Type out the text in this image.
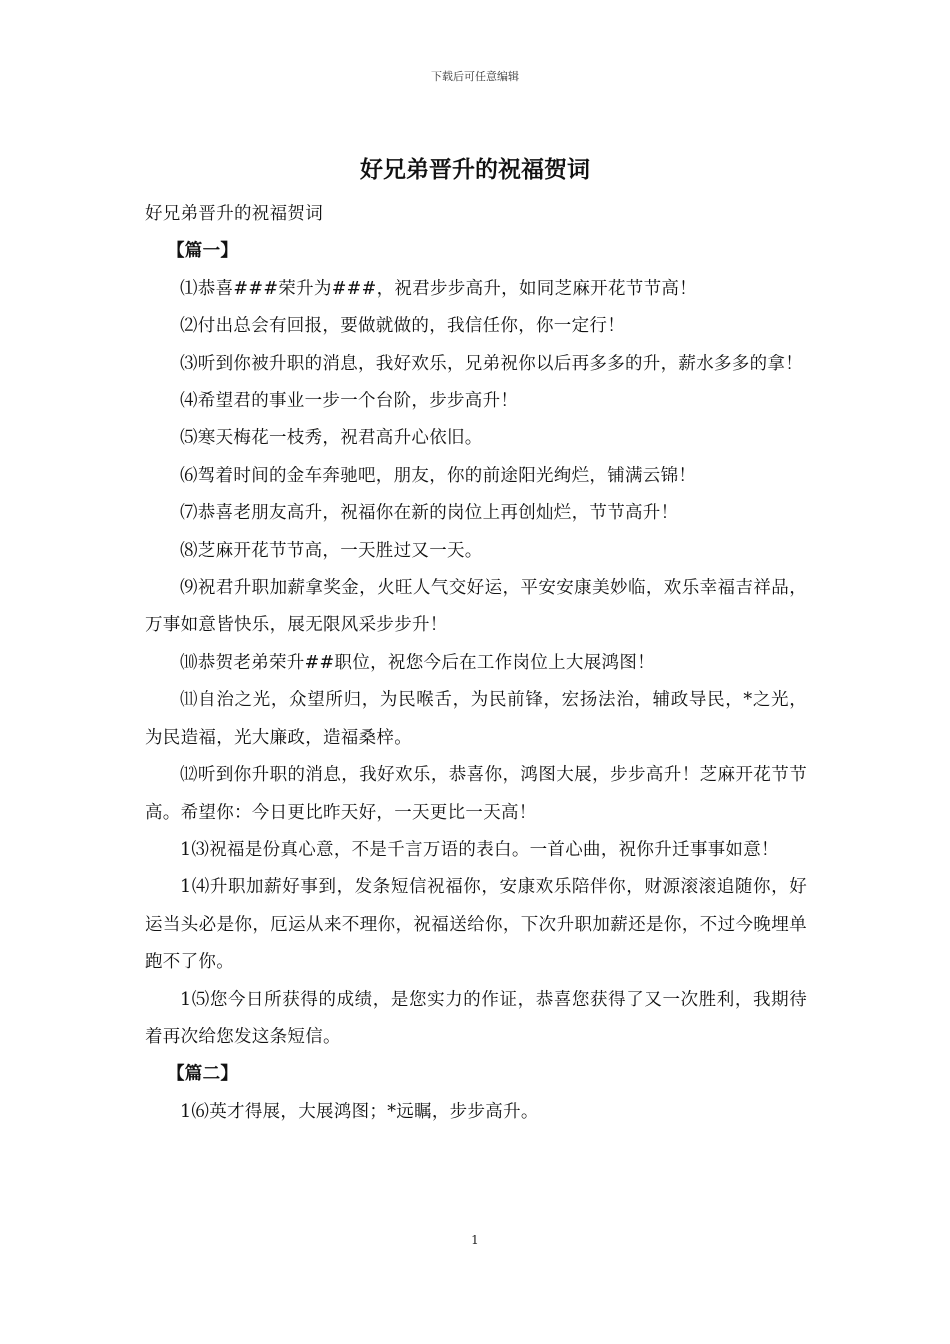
下载后可任意编辑
好兄弟晋升的祝福贺词

好兄弟晋升的祝福贺词

【篇一】

⑴恭喜###荣升为###，祝君步步高升，如同芝麻开花节节高！

⑵付出总会有回报，要做就做的，我信任你，你一定行！

⑶听到你被升职的消息，我好欢乐，兄弟祝你以后再多多的升，薪水多多的拿！

⑷希望君的事业一步一个台阶，步步高升！

⑸寒天梅花一枝秀，祝君高升心依旧。

⑹驾着时间的金车奔驰吧，朋友，你的前途阳光绚烂，铺满云锦！

⑺恭喜老朋友高升，祝福你在新的岗位上再创灿烂，节节高升！

⑻芝麻开花节节高，一天胜过又一天。

⑼祝君升职加薪拿奖金，火旺人气交好运，平安安康美妙临，欢乐幸福吉祥品，万事如意皆快乐，展无限风采步步升！

⑽恭贺老弟荣升##职位，祝您今后在工作岗位上大展鸿图！

⑾自治之光，众望所归，为民喉舌，为民前锋，宏扬法治，辅政导民，*之光，为民造福，光大廉政，造福桑梓。

⑿听到你升职的消息，我好欢乐，恭喜你，鸿图大展，步步高升！芝麻开花节节高。希望你：今日更比昨天好，一天更比一天高！

1⑶祝福是份真心意，不是千言万语的表白。一首心曲，祝你升迁事事如意！

1⑷升职加薪好事到，发条短信祝福你，安康欢乐陪伴你，财源滚滚追随你，好运当头必是你，厄运从来不理你，祝福送给你，下次升职加薪还是你，不过今晚埋单跑不了你。

1⑸您今日所获得的成绩，是您实力的作证，恭喜您获得了又一次胜利，我期待着再次给您发这条短信。

【篇二】

1⑹英才得展，大展鸿图；*远瞩，步步高升。

1
